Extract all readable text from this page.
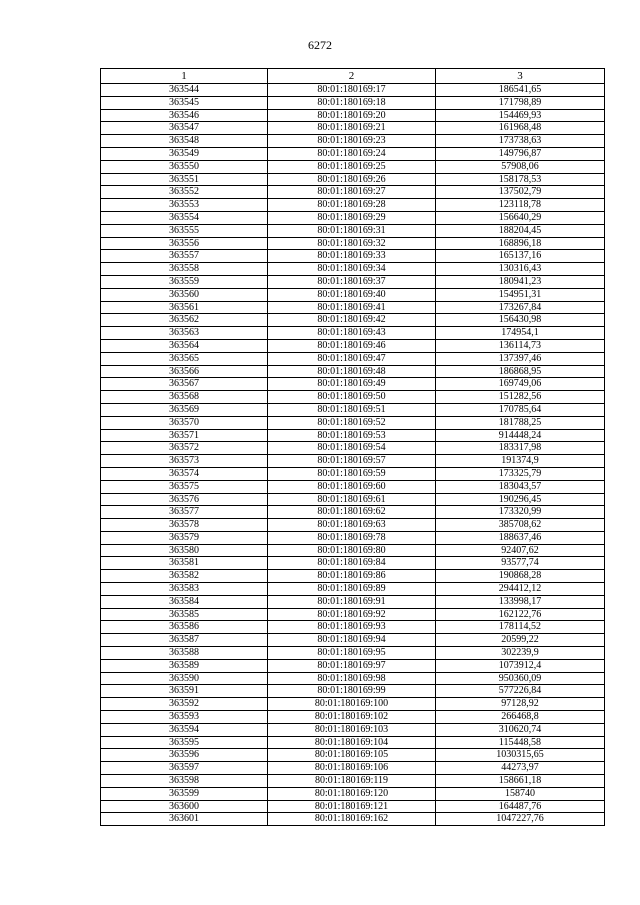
6272
1	2	3
363544	80:01:180169:17	186541,65
363545	80:01:180169:18	171798,89
363546	80:01:180169:20	154469,93
363547	80:01:180169:21	161968,48
363548	80:01:180169:23	173738,63
363549	80:01:180169:24	149796,87
363550	80:01:180169:25	57908,06
363551	80:01:180169:26	158178,53
363552	80:01:180169:27	137502,79
363553	80:01:180169:28	123118,78
363554	80:01:180169:29	156640,29
363555	80:01:180169:31	188204,45
363556	80:01:180169:32	168896,18
363557	80:01:180169:33	165137,16
363558	80:01:180169:34	130316,43
363559	80:01:180169:37	180941,23
363560	80:01:180169:40	154951,31
363561	80:01:180169:41	173267,84
363562	80:01:180169:42	156430,98
363563	80:01:180169:43	174954,1
363564	80:01:180169:46	136114,73
363565	80:01:180169:47	137397,46
363566	80:01:180169:48	186868,95
363567	80:01:180169:49	169749,06
363568	80:01:180169:50	151282,56
363569	80:01:180169:51	170785,64
363570	80:01:180169:52	181788,25
363571	80:01:180169:53	914448,24
363572	80:01:180169:54	183317,98
363573	80:01:180169:57	191374,9
363574	80:01:180169:59	173325,79
363575	80:01:180169:60	183043,57
363576	80:01:180169:61	190296,45
363577	80:01:180169:62	173320,99
363578	80:01:180169:63	385708,62
363579	80:01:180169:78	188637,46
363580	80:01:180169:80	92407,62
363581	80:01:180169:84	93577,74
363582	80:01:180169:86	190868,28
363583	80:01:180169:89	294412,12
363584	80:01:180169:91	133998,17
363585	80:01:180169:92	162122,76
363586	80:01:180169:93	178114,52
363587	80:01:180169:94	20599,22
363588	80:01:180169:95	302239,9
363589	80:01:180169:97	1073912,4
363590	80:01:180169:98	950360,09
363591	80:01:180169:99	577226,84
363592	80:01:180169:100	97128,92
363593	80:01:180169:102	266468,8
363594	80:01:180169:103	310620,74
363595	80:01:180169:104	115448,58
363596	80:01:180169:105	1030315,65
363597	80:01:180169:106	44273,97
363598	80:01:180169:119	158661,18
363599	80:01:180169:120	158740
363600	80:01:180169:121	164487,76
363601	80:01:180169:162	1047227,76
